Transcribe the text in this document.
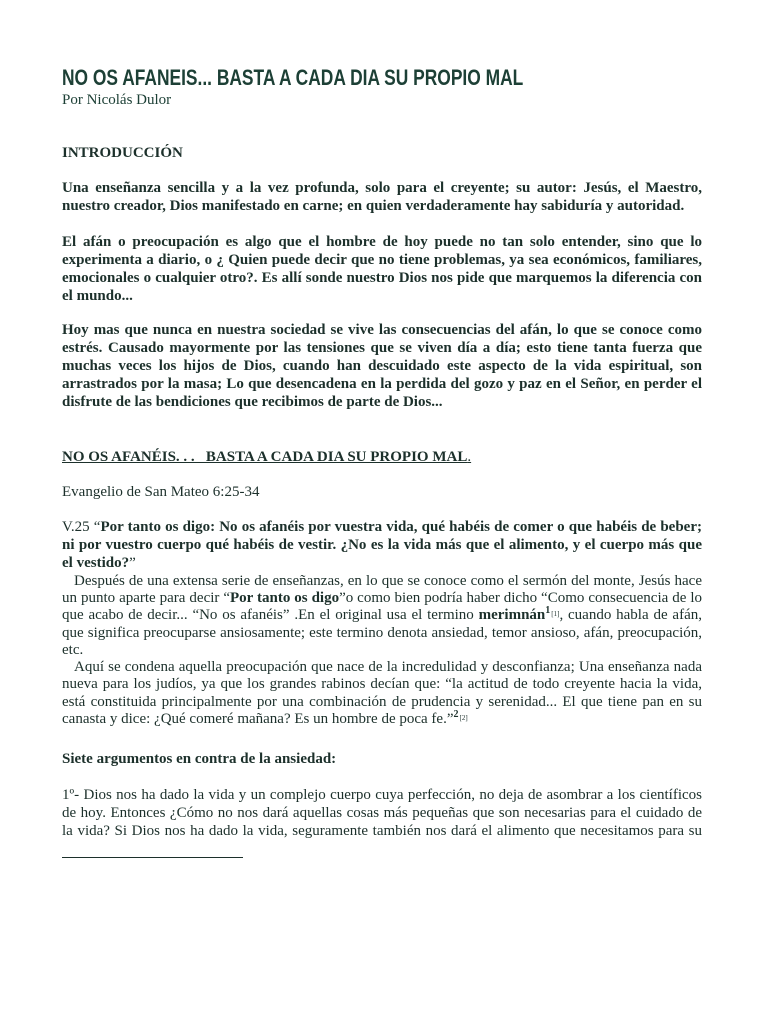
NO OS AFANEIS... BASTA A CADA DIA SU PROPIO MAL

Por Nicolás Dulor

INTRODUCCIÓN

Una enseñanza sencilla y a la vez profunda, solo para el creyente; su autor: Jesús, el Maestro, nuestro creador, Dios manifestado en carne; en quien verdaderamente hay sabiduría y autoridad.

El afán o preocupación es algo que el hombre de hoy puede no tan solo entender, sino que lo experimenta a diario, o ¿ Quien puede decir que no tiene problemas, ya sea económicos, familiares, emocionales o cualquier otro?. Es allí sonde nuestro Dios nos pide que marquemos la diferencia con el mundo...

Hoy mas que nunca en nuestra sociedad se vive las consecuencias del afán, lo que se conoce como estrés. Causado mayormente por las tensiones que se viven día a día; esto tiene tanta fuerza que muchas veces los hijos de Dios, cuando han descuidado este aspecto de la vida espiritual, son arrastrados por la masa; Lo que desencadena en la perdida del gozo y paz en el Señor, en perder el disfrute de las bendiciones que recibimos de parte de Dios...

NO OS AFANÉIS. . .   BASTA A CADA DIA SU PROPIO MAL.

Evangelio de San Mateo 6:25-34

V.25 “Por tanto os digo: No os afanéis por vuestra vida, qué habéis de comer o que habéis de beber; ni por vuestro cuerpo qué habéis de vestir. ¿No es la vida más que el alimento, y el cuerpo más que el vestido?”

Después de una extensa serie de enseñanzas, en lo que se conoce como el sermón del monte, Jesús hace un punto aparte para decir “Por tanto os digo”o como bien podría haber dicho “Como consecuencia de lo que acabo de decir... “No os afanéis” .En el original usa el termino merimnán$^{1[1]}$, cuando habla de afán, que significa preocuparse ansiosamente; este termino denota ansiedad, temor ansioso, afán, preocupación, etc.

Aquí se condena aquella preocupación que nace de la incredulidad y desconfianza; Una enseñanza nada nueva para los judíos, ya que los grandes rabinos decían que: “la actitud de todo creyente hacia la vida, está constituida principalmente por una combinación de prudencia y serenidad... El que tiene pan en su canasta y dice: ¿Qué comeré mañana? Es un hombre de poca fe.”$^{2[2]}$

Siete argumentos en contra de la ansiedad:

1º- Dios nos ha dado la vida y un complejo cuerpo cuya perfección, no deja de asombrar a los científicos de hoy. Entonces ¿Cómo no nos dará aquellas cosas más pequeñas que son necesarias para el cuidado de la vida? Si Dios nos ha dado la vida, seguramente también nos dará el alimento que necesitamos para su
